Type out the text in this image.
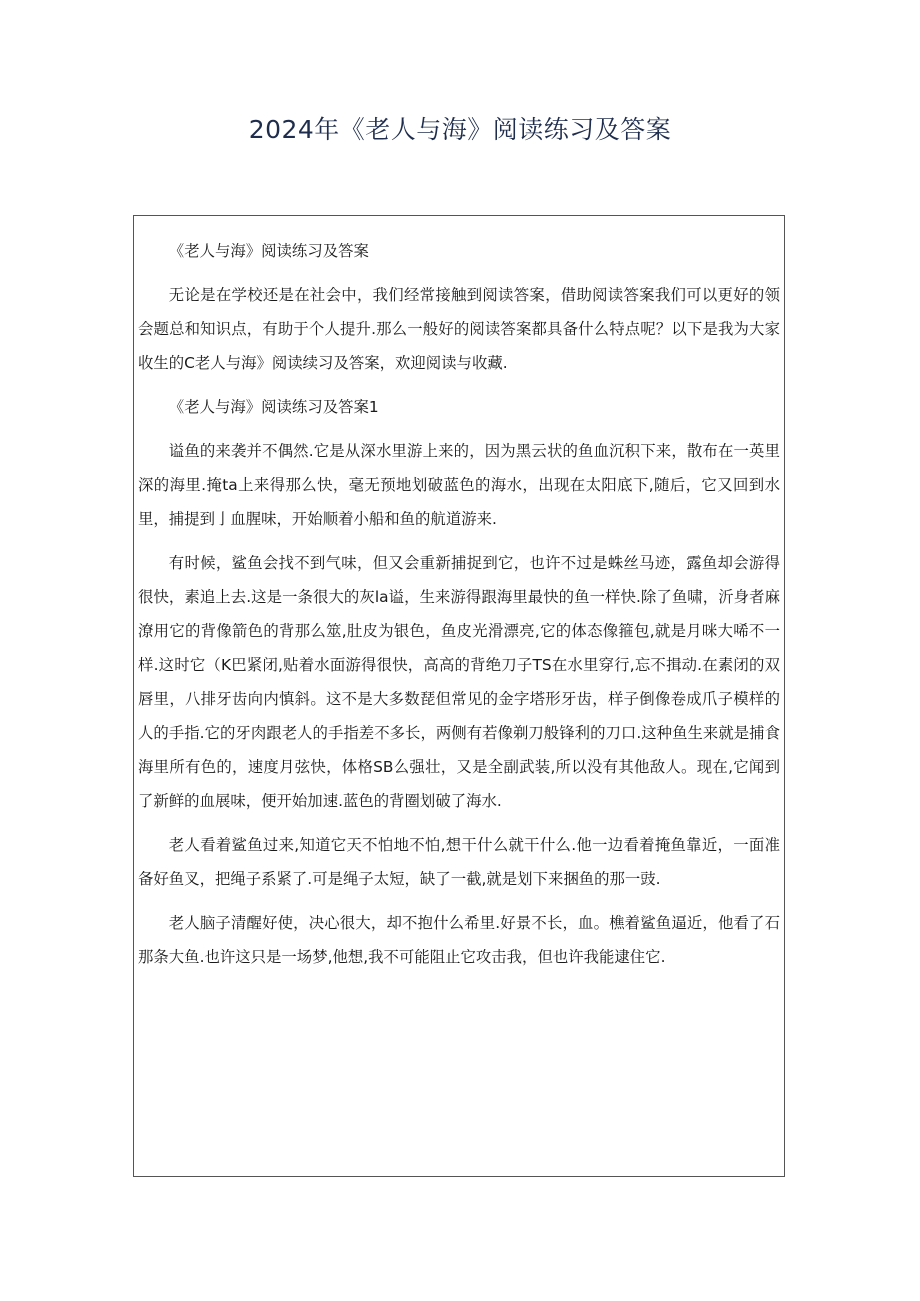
2024年《老人与海》阅读练习及答案

《老人与海》阅读练习及答案

无论是在学校还是在社会中，我们经常接触到阅读答案，借助阅读答案我们可以更好的领会题总和知识点，有助于个人提升.那么一般好的阅读答案都具备什么特点呢？以下是我为大家收生的C老人与海》阅读续习及答案，欢迎阅读与收藏.

《老人与海》阅读练习及答案1

谥鱼的来袭并不偶然.它是从深水里游上来的，因为黑云状的鱼血沉积下来，散布在一英里深的海里.掩ta上来得那么快，毫无预地划破蓝色的海水，出现在太阳底下,随后，它又回到水里，捕提到亅血腥味，开始顺着小船和鱼的航道游来.

有时候，鲨鱼会找不到气味，但又会重新捕捉到它，也许不过是蛛丝马迹，露鱼却会游得很快，素追上去.这是一条很大的灰la谥，生来游得跟海里最快的鱼一样快.除了鱼啸，沂身者麻潦用它的背像箭色的背那么筮,肚皮为银色，鱼皮光滑漂亮,它的体态像箍包,就是月咪大唏不一样.这时它（K巴紧闭,贴着水面游得很快，高高的背绝刀子TS在水里穿行,忘不揖动.在素闭的双唇里，八排牙齿向内慎斜。这不是大多数琵但常见的金字塔形牙齿，样子倒像卷成爪子模样的人的手指.它的牙肉跟老人的手指差不多长，两侧有若像剃刀般锋利的刀口.这种鱼生来就是捕食海里所有色的，速度月弦快，体格SB么强壮，又是全副武装,所以没有其他敌人。现在,它闻到了新鲜的血展味，便开始加速.蓝色的背圈划破了海水.

老人看着鲨鱼过来,知道它天不怕地不怕,想干什么就干什么.他一边看着掩鱼靠近，一面准备好鱼叉，把绳子系紧了.可是绳子太短，缺了一截,就是划下来捆鱼的那一豉.

老人脑子清醒好使，决心很大，却不抱什么希里.好景不长，血。樵着鲨鱼逼近，他看了石那条大鱼.也许这只是一场梦,他想,我不可能阻止它攻击我，但也许我能逮住它.
